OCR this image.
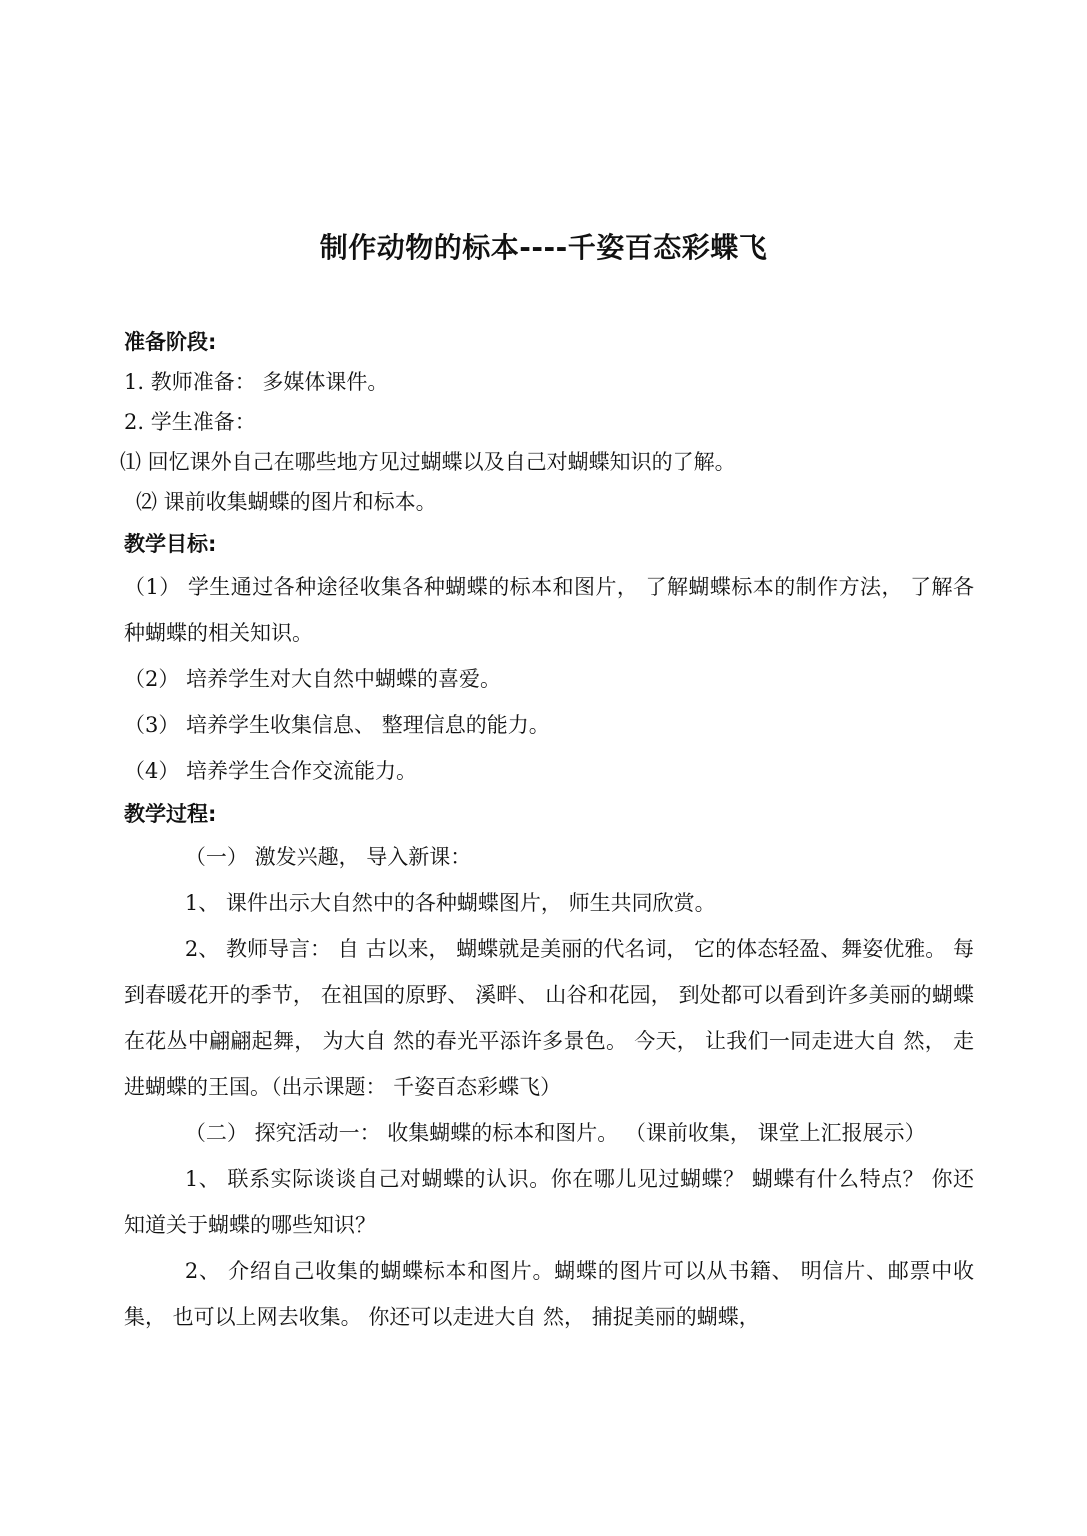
制作动物的标本----千姿百态彩蝶飞
准备阶段:
1. 教师准备： 多媒体课件。
2. 学生准备：
⑴ 回忆课外自己在哪些地方见过蝴蝶以及自己对蝴蝶知识的了解。
⑵ 课前收集蝴蝶的图片和标本。
教学目标:
（1） 学生通过各种途径收集各种蝴蝶的标本和图片， 了解蝴蝶标本的制作方法， 了解各种蝴蝶的相关知识。
（2） 培养学生对大自然中蝴蝶的喜爱。
（3） 培养学生收集信息、 整理信息的能力。
（4） 培养学生合作交流能力。
教学过程:
（一） 激发兴趣， 导入新课：
1、 课件出示大自然中的各种蝴蝶图片， 师生共同欣赏。
2、 教师导言： 自 古以来， 蝴蝶就是美丽的代名词， 它的体态轻盈、舞姿优雅。 每到春暖花开的季节， 在祖国的原野、 溪畔、 山谷和花园， 到处都可以看到许多美丽的蝴蝶在花丛中翩翩起舞， 为大自 然的春光平添许多景色。 今天， 让我们一同走进大自 然， 走进蝴蝶的王国。（出示课题： 千姿百态彩蝶飞）
（二） 探究活动一： 收集蝴蝶的标本和图片。 （课前收集， 课堂上汇报展示）
1、 联系实际谈谈自己对蝴蝶的认识。你在哪儿见过蝴蝶？ 蝴蝶有什么特点？ 你还知道关于蝴蝶的哪些知识？
2、 介绍自己收集的蝴蝶标本和图片。蝴蝶的图片可以从书籍、 明信片、邮票中收集， 也可以上网去收集。 你还可以走进大自 然， 捕捉美丽的蝴蝶，
